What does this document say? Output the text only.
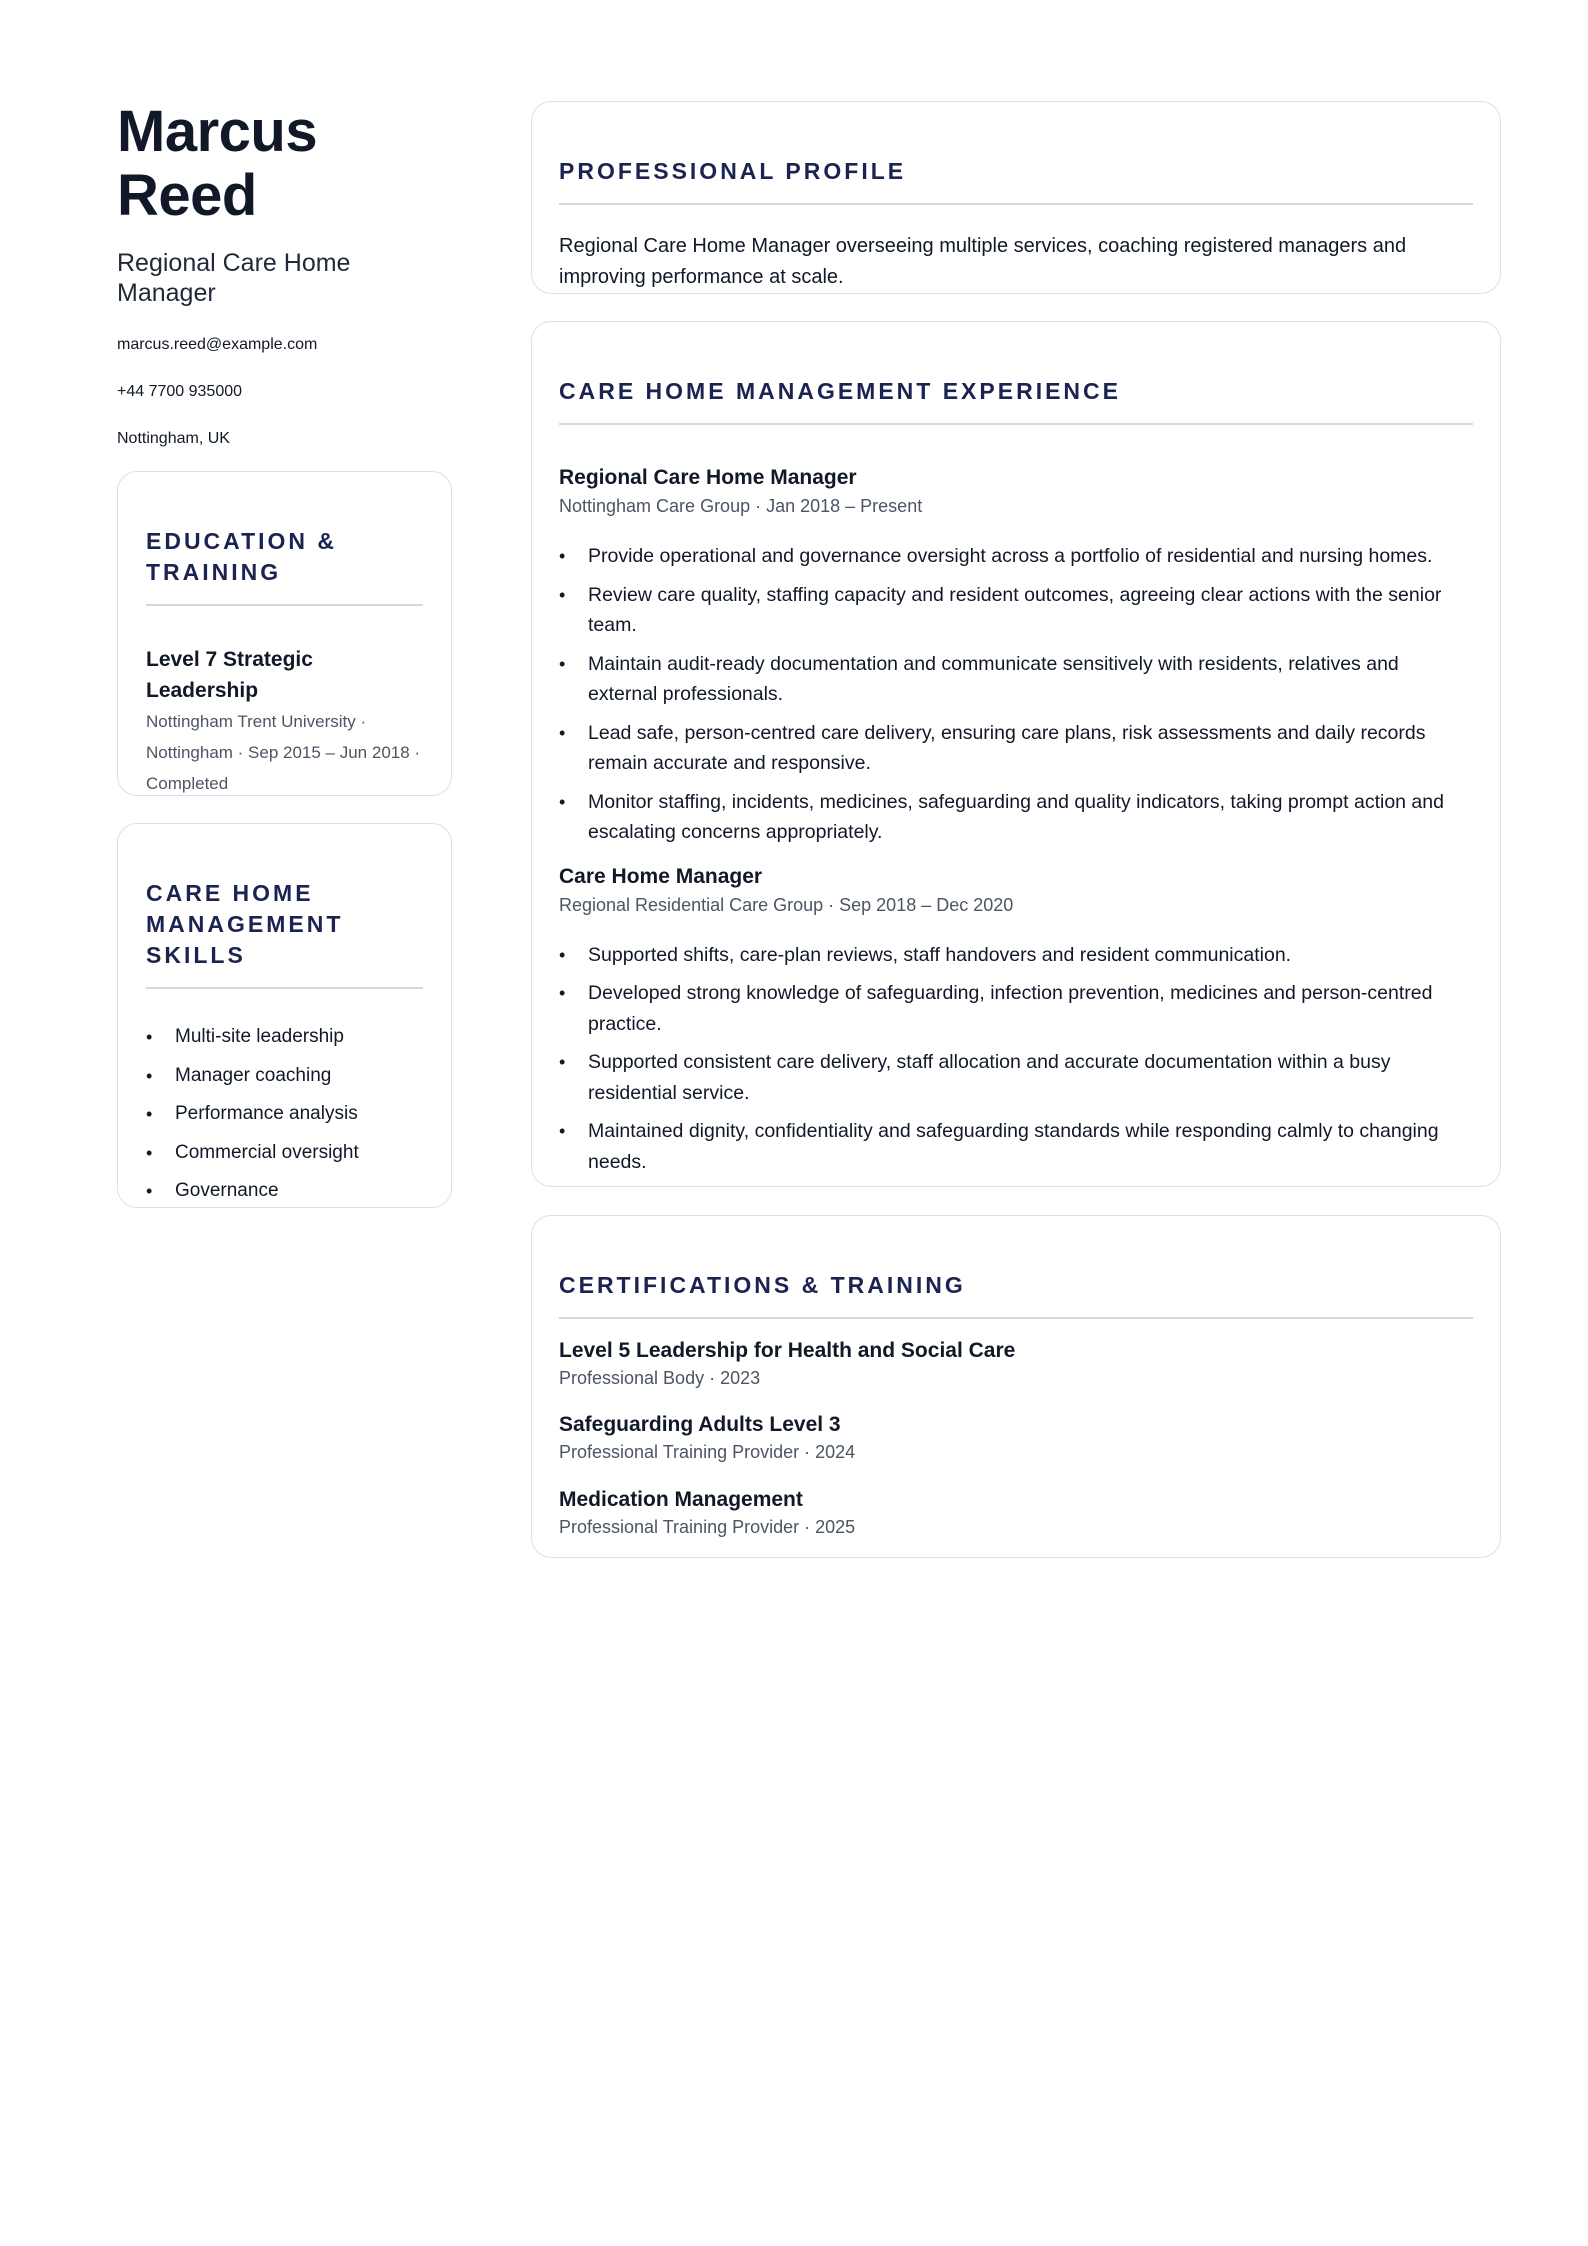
Marcus Reed
Regional Care Home Manager
marcus.reed@example.com
+44 7700 935000
Nottingham, UK
EDUCATION & TRAINING
Level 7 Strategic Leadership
Nottingham Trent University · Nottingham · Sep 2015 – Jun 2018 · Completed
CARE HOME MANAGEMENT SKILLS
• Multi-site leadership
• Manager coaching
• Performance analysis
• Commercial oversight
• Governance
PROFESSIONAL PROFILE

Regional Care Home Manager overseeing multiple services, coaching registered managers and improving performance at scale.

CARE HOME MANAGEMENT EXPERIENCE
Regional Care Home Manager
Nottingham Care Group · Jan 2018 – Present
• Provide operational and governance oversight across a portfolio of residential and nursing homes.
• Review care quality, staffing capacity and resident outcomes, agreeing clear actions with the senior team.
• Maintain audit-ready documentation and communicate sensitively with residents, relatives and external professionals.
• Lead safe, person-centred care delivery, ensuring care plans, risk assessments and daily records remain accurate and responsive.
• Monitor staffing, incidents, medicines, safeguarding and quality indicators, taking prompt action and escalating concerns appropriately.
Care Home Manager
Regional Residential Care Group · Sep 2018 – Dec 2020
• Supported shifts, care-plan reviews, staff handovers and resident communication.
• Developed strong knowledge of safeguarding, infection prevention, medicines and person-centred practice.
• Supported consistent care delivery, staff allocation and accurate documentation within a busy residential service.
• Maintained dignity, confidentiality and safeguarding standards while responding calmly to changing needs.
CERTIFICATIONS & TRAINING
Level 5 Leadership for Health and Social Care
Professional Body · 2023
Safeguarding Adults Level 3
Professional Training Provider · 2024
Medication Management
Professional Training Provider · 2025
